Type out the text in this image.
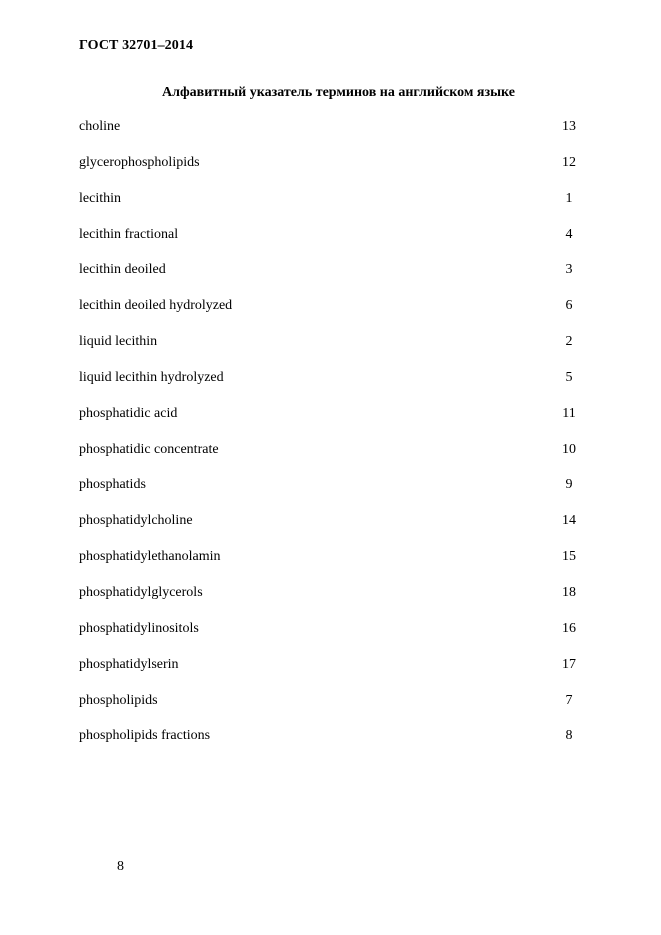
ГОСТ 32701–2014
Алфавитный указатель терминов на английском языке
choline	13
glycerophospholipids	12
lecithin	1
lecithin fractional	4
lecithin deoiled	3
lecithin deoiled hydrolyzed	6
liquid lecithin	2
liquid lecithin hydrolyzed	5
phosphatidic acid	11
phosphatidic concentrate	10
phosphatids	9
phosphatidylcholine	14
phosphatidylethanolamin	15
phosphatidylglycerols	18
phosphatidylinositols	16
phosphatidylserin	17
phospholipids	7
phospholipids fractions	8
8
